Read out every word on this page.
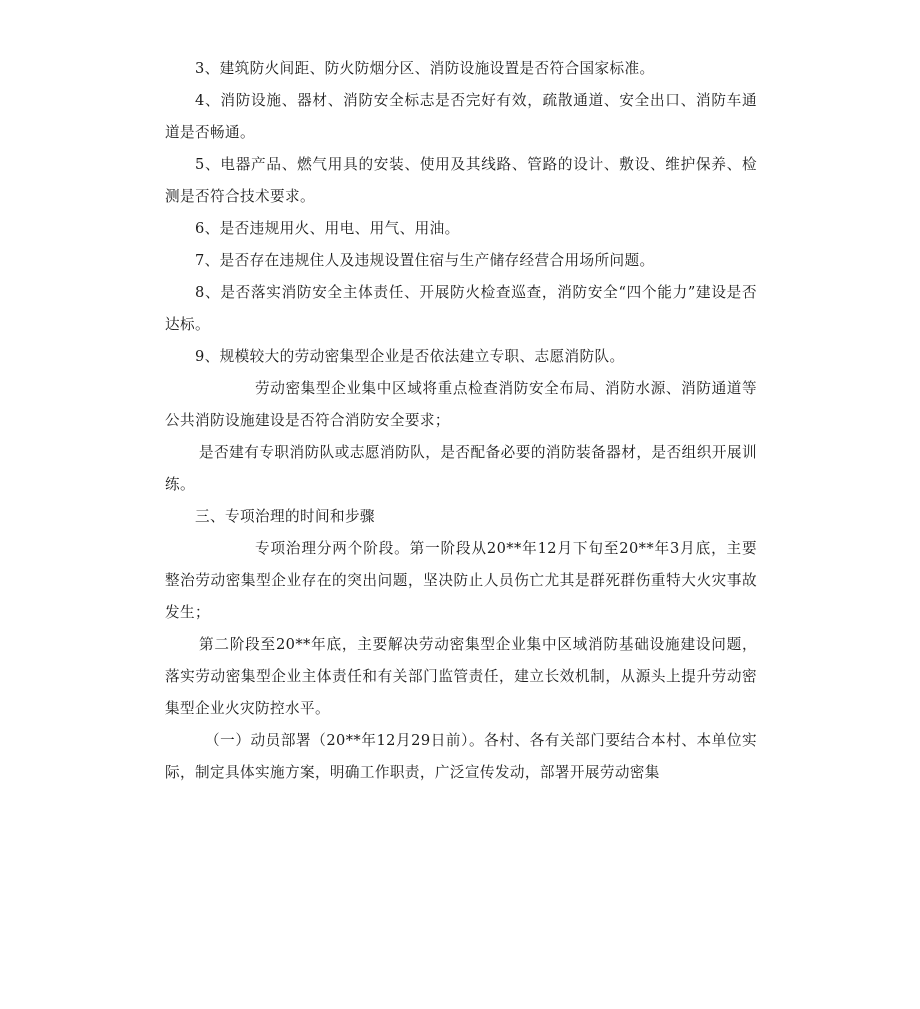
3、建筑防火间距、防火防烟分区、消防设施设置是否符合国家标准。

4、消防设施、器材、消防安全标志是否完好有效，疏散通道、安全出口、消防车通道是否畅通。

5、电器产品、燃气用具的安装、使用及其线路、管路的设计、敷设、维护保养、检测是否符合技术要求。

6、是否违规用火、用电、用气、用油。

7、是否存在违规住人及违规设置住宿与生产储存经营合用场所问题。

8、是否落实消防安全主体责任、开展防火检查巡查，消防安全“四个能力”建设是否达标。

9、规模较大的劳动密集型企业是否依法建立专职、志愿消防队。

劳动密集型企业集中区域将重点检查消防安全布局、消防水源、消防通道等公共消防设施建设是否符合消防安全要求；

是否建有专职消防队或志愿消防队，是否配备必要的消防装备器材，是否组织开展训练。

三、专项治理的时间和步骤

专项治理分两个阶段。第一阶段从20**年12月下旬至20**年3月底，主要整治劳动密集型企业存在的突出问题，坚决防止人员伤亡尤其是群死群伤重特大火灾事故发生；

第二阶段至20**年底，主要解决劳动密集型企业集中区域消防基础设施建设问题，落实劳动密集型企业主体责任和有关部门监管责任，建立长效机制，从源头上提升劳动密集型企业火灾防控水平。

（一）动员部署（20**年12月29日前）。各村、各有关部门要结合本村、本单位实际，制定具体实施方案，明确工作职责，广泛宣传发动，部署开展劳动密集
